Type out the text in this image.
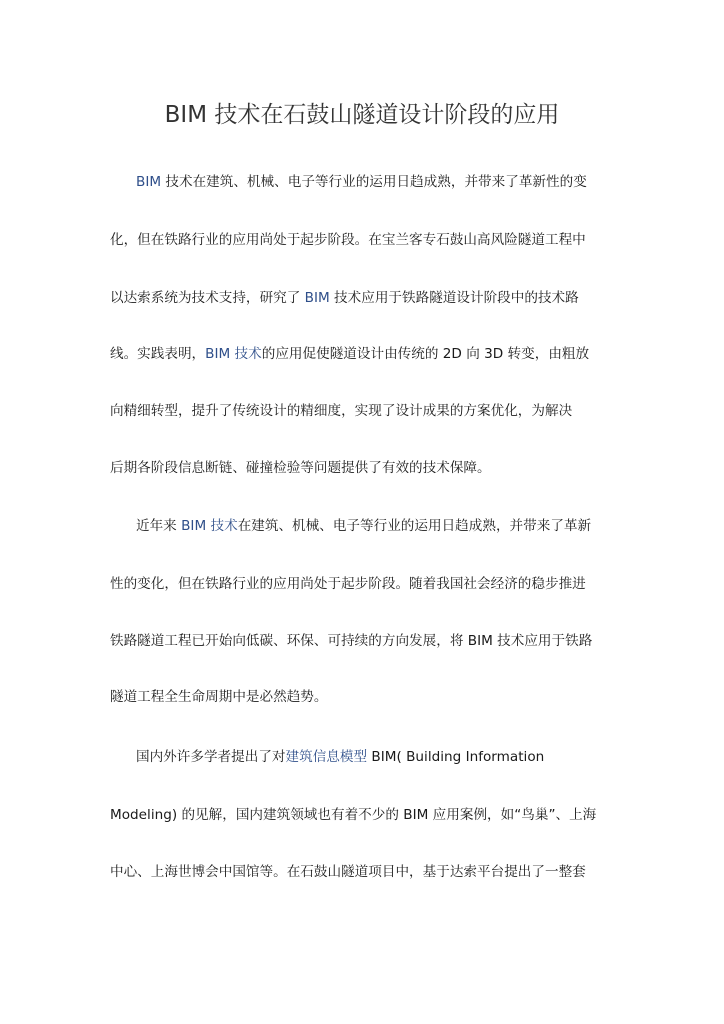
BIM 技术在石鼓山隧道设计阶段的应用
BIM 技术在建筑、机械、电子等行业的运用日趋成熟，并带来了革新性的变
化，但在铁路行业的应用尚处于起步阶段。在宝兰客专石鼓山高风险隧道工程中
以达索系统为技术支持，研究了 BIM 技术应用于铁路隧道设计阶段中的技术路
线。实践表明，BIM 技术的应用促使隧道设计由传统的 2D 向 3D 转变，由粗放
向精细转型，提升了传统设计的精细度，实现了设计成果的方案优化，为解决
后期各阶段信息断链、碰撞检验等问题提供了有效的技术保障。
近年来 BIM 技术在建筑、机械、电子等行业的运用日趋成熟，并带来了革新
性的变化，但在铁路行业的应用尚处于起步阶段。随着我国社会经济的稳步推进
铁路隧道工程已开始向低碳、环保、可持续的方向发展，将 BIM 技术应用于铁路
隧道工程全生命周期中是必然趋势。
国内外许多学者提出了对建筑信息模型 BIM( Building Information
Modeling) 的见解，国内建筑领域也有着不少的 BIM 应用案例，如“鸟巢”、上海
中心、上海世博会中国馆等。在石鼓山隧道项目中，基于达索平台提出了一整套
